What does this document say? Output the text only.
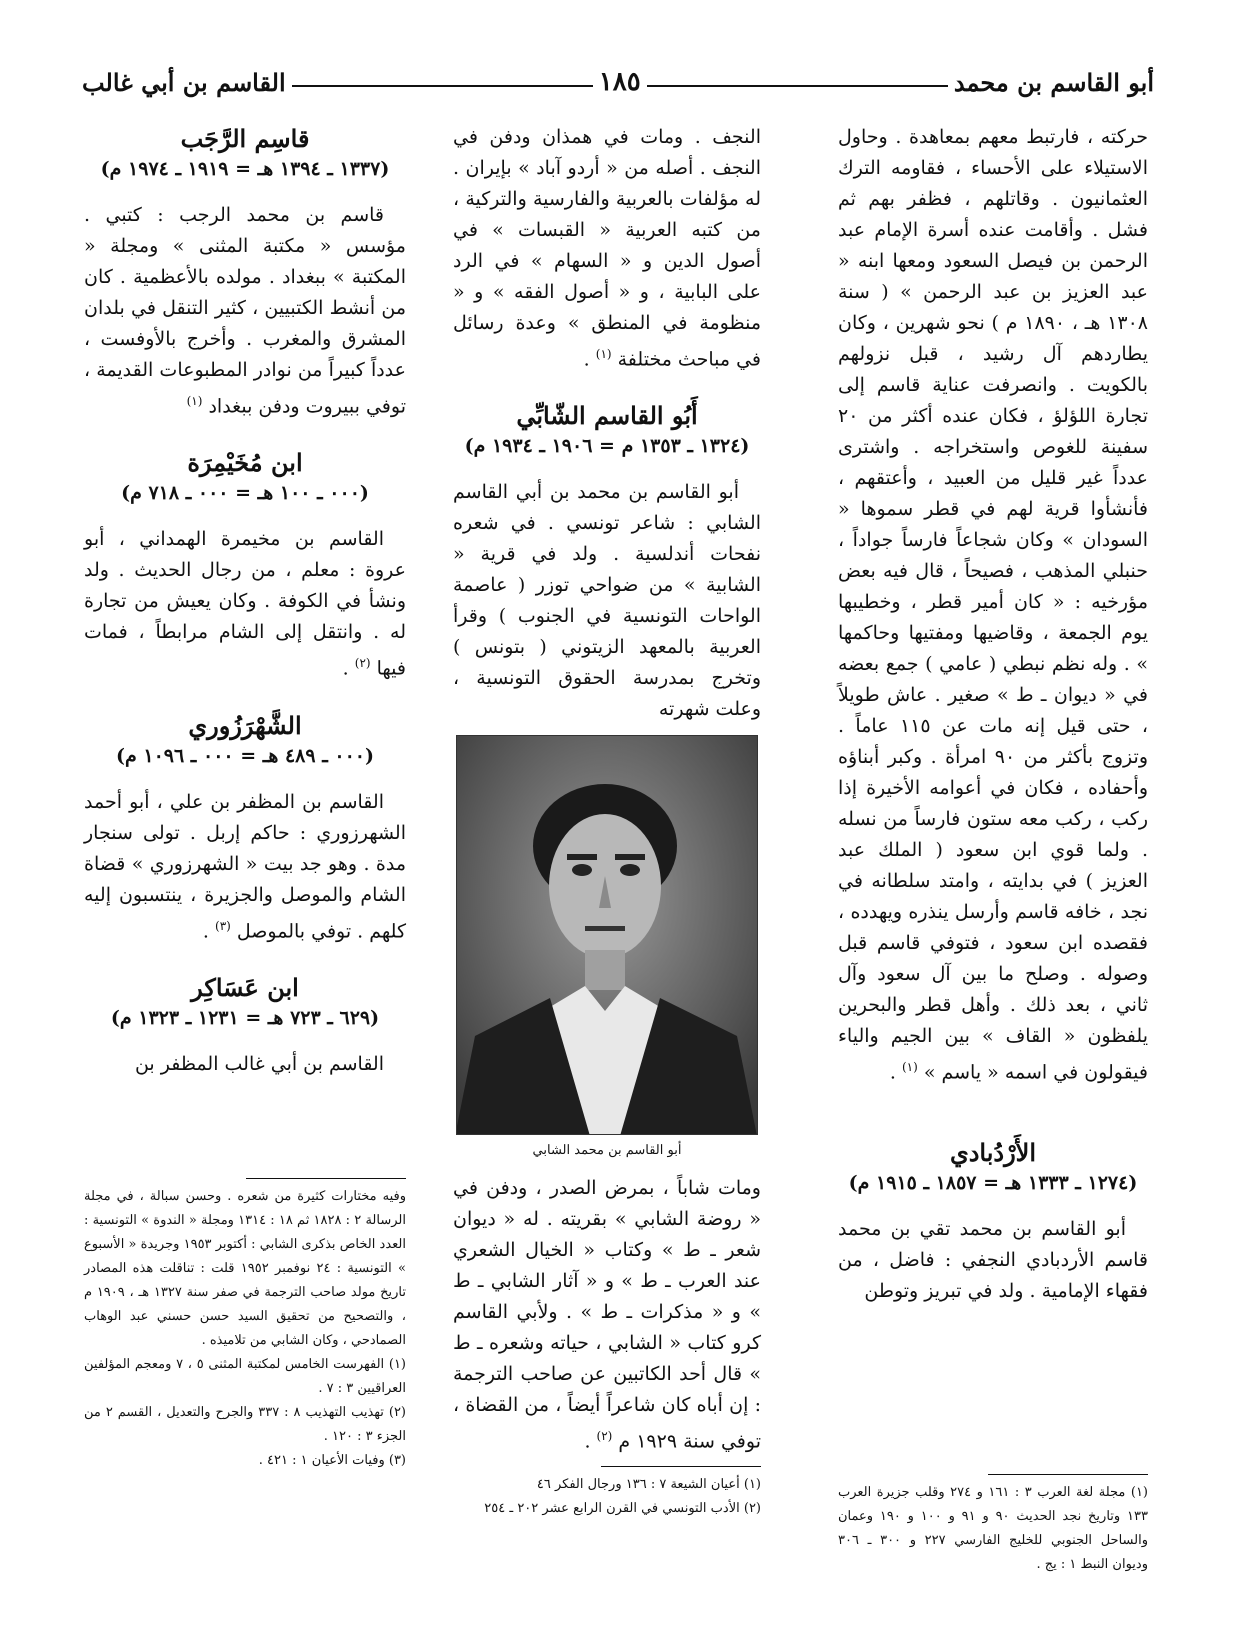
أبو القاسم بن محمد
١٨٥
القاسم بن أبي غالب

حركته ، فارتبط معهم بمعاهدة . وحاول الاستيلاء على الأحساء ، فقاومه الترك العثمانيون . وقاتلهم ، فظفر بهم ثم فشل . وأقامت عنده أسرة الإمام عبد الرحمن بن فيصل السعود ومعها ابنه « عبد العزيز بن عبد الرحمن » ( سنة ١٣٠٨ هـ ، ١٨٩٠ م ) نحو شهرين ، وكان يطاردهم آل رشيد ، قبل نزولهم بالكويت . وانصرفت عناية قاسم إلى تجارة اللؤلؤ ، فكان عنده أكثر من ٢٠ سفينة للغوص واستخراجه . واشترى عدداً غير قليل من العبيد ، وأعتقهم ، فأنشأوا قرية لهم في قطر سموها « السودان » وكان شجاعاً فارساً جواداً ، حنبلي المذهب ، فصيحاً ، قال فيه بعض مؤرخيه : « كان أمير قطر ، وخطيبها يوم الجمعة ، وقاضيها ومفتيها وحاكمها » . وله نظم نبطي ( عامي ) جمع بعضه في « ديوان ـ ط » صغير . عاش طويلاً ، حتى قيل إنه مات عن ١١٥ عاماً . وتزوج بأكثر من ٩٠ امرأة . وكبر أبناؤه وأحفاده ، فكان في أعوامه الأخيرة إذا ركب ، ركب معه ستون فارساً من نسله . ولما قوي ابن سعود ( الملك عبد العزيز ) في بدايته ، وامتد سلطانه في نجد ، خافه قاسم وأرسل ينذره ويهدده ، فقصده ابن سعود ، فتوفي قاسم قبل وصوله . وصلح ما بين آل سعود وآل ثاني ، بعد ذلك . وأهل قطر والبحرين يلفظون « القاف » بين الجيم والياء فيقولون في اسمه « ياسم » $^{(١)}$ .

الأَرْدُبادي
(١٢٧٤ ـ ١٣٣٣ هـ = ١٨٥٧ ـ ١٩١٥ م)

أبو القاسم بن محمد تقي بن محمد قاسم الأردبادي النجفي : فاضل ، من فقهاء الإمامية . ولد في تبريز وتوطن

(١) مجلة لغة العرب ٣ : ١٦١ و ٢٧٤ وقلب جزيرة العرب ١٣٣ وتاريخ نجد الحديث ٩٠ و ٩١ و ١٠٠ و ١٩٠ وعمان والساحل الجنوبي للخليج الفارسي ٢٢٧ و ٣٠٠ ـ ٣٠٦ وديوان النبط ١ : يج .

النجف . ومات في همذان ودفن في النجف . أصله من « أردو آباد » بإيران . له مؤلفات بالعربية والفارسية والتركية ، من كتبه العربية « القبسات » في أصول الدين و « السهام » في الرد على البابية ، و « أصول الفقه » و « منظومة في المنطق » وعدة رسائل في مباحث مختلفة $^{(١)}$ .

أَبُو القاسم الشّابِّي
(١٣٢٤ ـ ١٣٥٣ م = ١٩٠٦ ـ ١٩٣٤ م)

أبو القاسم بن محمد بن أبي القاسم الشابي : شاعر تونسي . في شعره نفحات أندلسية . ولد في قرية « الشابية » من ضواحي توزر ( عاصمة الواحات التونسية في الجنوب ) وقرأ العربية بالمعهد الزيتوني ( بتونس ) وتخرج بمدرسة الحقوق التونسية ، وعلت شهرته

أبو القاسم بن محمد الشابي

ومات شاباً ، بمرض الصدر ، ودفن في « روضة الشابي » بقريته . له « ديوان شعر ـ ط » وكتاب « الخيال الشعري عند العرب ـ ط » و « آثار الشابي ـ ط » و « مذكرات ـ ط » . ولأبي القاسم كرو كتاب « الشابي ، حياته وشعره ـ ط » قال أحد الكاتبين عن صاحب الترجمة : إن أباه كان شاعراً أيضاً ، من القضاة ، توفي سنة ١٩٢٩ م $^{(٢)}$ .

(١) أعيان الشيعة ٧ : ١٣٦ ورجال الفكر ٤٦
(٢) الأدب التونسي في القرن الرابع عشر ٢٠٢ ـ ٢٥٤
قاسِم الرَّجَب
(١٣٣٧ ـ ١٣٩٤ هـ = ١٩١٩ ـ ١٩٧٤ م)

قاسم بن محمد الرجب : كتبي . مؤسس « مكتبة المثنى » ومجلة « المكتبة » ببغداد . مولده بالأعظمية . كان من أنشط الكتبيين ، كثير التنقل في بلدان المشرق والمغرب . وأخرج بالأوفست ، عدداً كبيراً من نوادر المطبوعات القديمة ، توفي ببيروت ودفن ببغداد $^{(١)}$

ابن مُخَيْمِرَة
(٠٠٠ ـ ١٠٠ هـ = ٠٠٠ ـ ٧١٨ م)

القاسم بن مخيمرة الهمداني ، أبو عروة : معلم ، من رجال الحديث . ولد ونشأ في الكوفة . وكان يعيش من تجارة له . وانتقل إلى الشام مرابطاً ، فمات فيها $^{(٢)}$ .

الشَّهْرَزُوري
(٠٠٠ ـ ٤٨٩ هـ = ٠٠٠ ـ ١٠٩٦ م)

القاسم بن المظفر بن علي ، أبو أحمد الشهرزوري : حاكم إربل . تولى سنجار مدة . وهو جد بيت « الشهرزوري » قضاة الشام والموصل والجزيرة ، ينتسبون إليه كلهم . توفي بالموصل $^{(٣)}$ .

ابن عَسَاكِر
(٦٢٩ ـ ٧٢٣ هـ = ١٢٣١ ـ ١٣٢٣ م)

القاسم بن أبي غالب المظفر بن

وفيه مختارات كثيرة من شعره . وحسن سبالة ، في مجلة الرسالة ٢ : ١٨٢٨ ثم ١٨ : ١٣١٤ ومجلة « الندوة » التونسية : العدد الخاص بذكرى الشابي : أكتوبر ١٩٥٣ وجريدة « الأسبوع » التونسية : ٢٤ نوفمبر ١٩٥٢ قلت : تناقلت هذه المصادر تاريخ مولد صاحب الترجمة في صفر سنة ١٣٢٧ هـ ، ١٩٠٩ م ، والتصحيح من تحقيق السيد حسن حسني عبد الوهاب الصمادحي ، وكان الشابي من تلاميذه .
(١) الفهرست الخامس لمكتبة المثنى ٥ ، ٧ ومعجم المؤلفين العراقيين ٣ : ٧ .
(٢) تهذيب التهذيب ٨ : ٣٣٧ والجرح والتعديل ، القسم ٢ من الجزء ٣ : ١٢٠ .
(٣) وفيات الأعيان ١ : ٤٢١ .
